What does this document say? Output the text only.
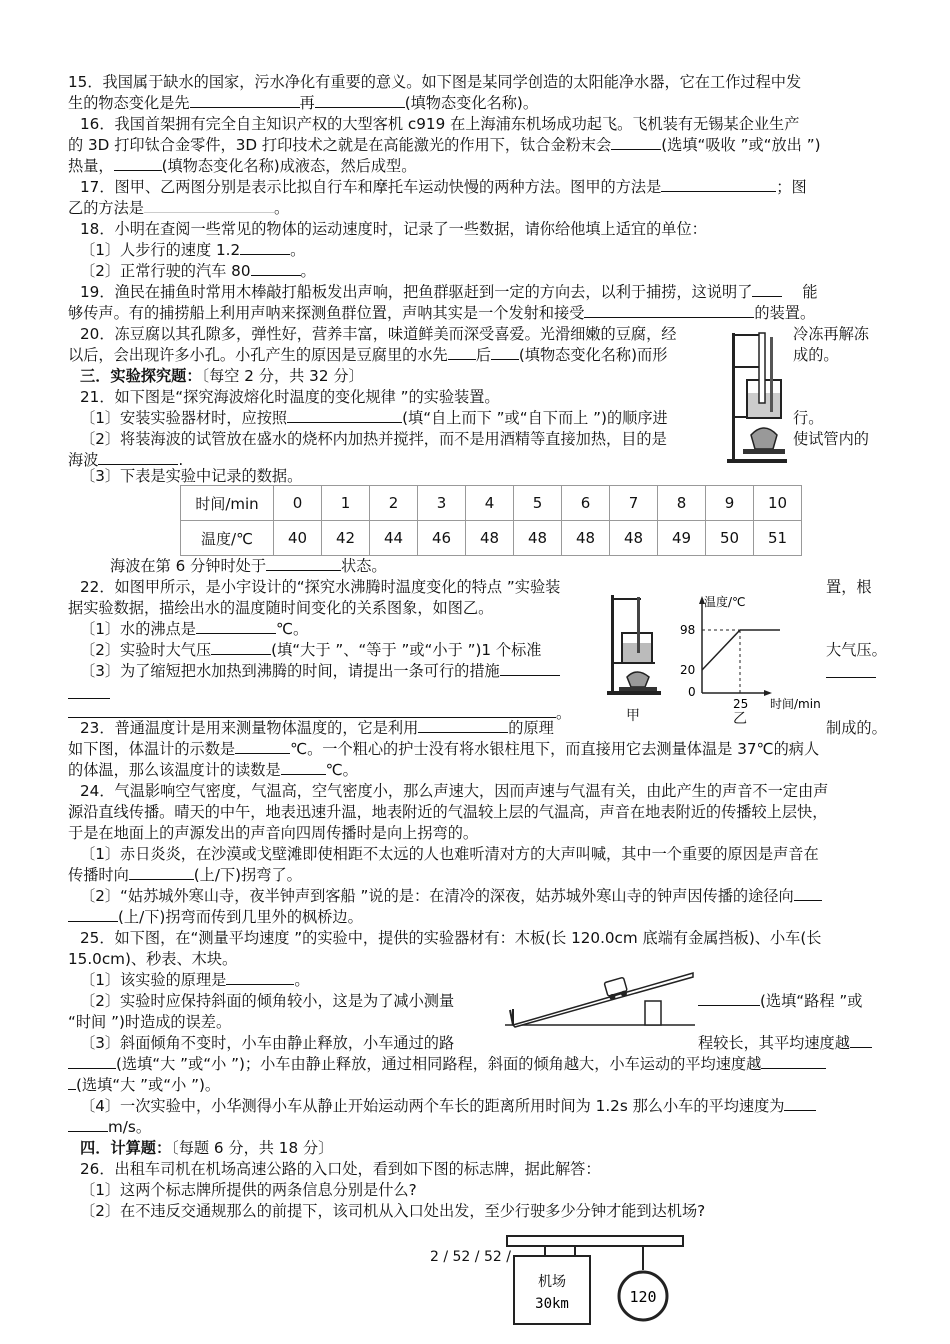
15．我国属于缺水的国家，污水净化有重要的意义。如下图是某同学创造的太阳能净水器，它在工作过程中发
生的物态变化是先	再	(填物态变化名称)。
16．我国首架拥有完全自主知识产权的大型客机 c919 在上海浦东机场成功起飞。飞机装有无锡某企业生产
的 3D 打印钛合金零件，3D 打印技术之就是在高能激光的作用下，钛合金粉末会	(选填“吸收 ”或“放出 ”)
热量，	(填物态变化名称)成液态，然后成型。
17．图甲、乙两图分别是表示比拟自行车和摩托车运动快慢的两种方法。图甲的方法是	；图
乙的方法是	。
18．小明在查阅一些常见的物体的运动速度时，记录了一些数据，请你给他填上适宜的单位：
〔1〕人步行的速度 1.2	。
〔2〕正常行驶的汽车 80	。
19．渔民在捕鱼时常用木棒敲打船板发出声响，把鱼群驱赶到一定的方向去，以利于捕捞，这说明了	能
够传声。有的捕捞船上利用声呐来探测鱼群位置，声呐其实是一个发射和接受	的装置。
20．冻豆腐以其孔隙多，弹性好，营养丰富，味道鲜美而深受喜爱。光滑细嫩的豆腐，经	冷冻再解冻
以后，会出现许多小孔。小孔产生的原因是豆腐里的水先 后 (填物态变化名称)而形	成的。
三．实验探究题：〔每空 2 分，共 32 分〕
21．如下图是“探究海波熔化时温度的变化规律 ”的实验装置。
〔1〕安装实验器材时，应按照	(填“自上而下 ”或“自下而上 ”)的顺序进	行。
〔2〕将装海波的试管放在盛水的烧杯内加热并搅拌，而不是用酒精等直接加热，目的是	使试管内的
海波	.
〔3〕下表是实验中记录的数据。
时间/min	0	1	2	3	4	5	6	7	8	9	10
温度/℃	40	42	44	46	48	48	48	48	49	50	51
海波在第 6 分钟时处于	状态。
22．如图甲所示，是小宇设计的“探究水沸腾时温度变化的特点 ”实验装	置，根
据实验数据，描绘出水的温度随时间变化的关系图象，如图乙。
〔1〕水的沸点是	℃。
〔2〕实验时大气压	(填“大于 ”、“等于 ”或“小于 ”)1 个标准	大气压。
〔3〕为了缩短把水加热到沸腾的时间，请提出一条可行的措施
。	甲
温度/℃
98
20
0
25 时间/min
乙
23．普通温度计是用来测量物体温度的，它是利用	的原理	制成的。
如下图，体温计的示数是	℃。一个粗心的护士没有将水银柱甩下，而直接用它去测量体温是 37℃的病人
的体温，那么该温度计的读数是	℃。
24．气温影响空气密度，气温高，空气密度小，那么声速大，因而声速与气温有关，由此产生的声音不一定由声
源沿直线传播。晴天的中午，地表迅速升温，地表附近的气温较上层的气温高，声音在地表附近的传播较上层快，
于是在地面上的声源发出的声音向四周传播时是向上拐弯的。
〔1〕赤日炎炎，在沙漠或戈壁滩即使相距不太远的人也难听清对方的大声叫喊，其中一个重要的原因是声音在
传播时向	(上/下)拐弯了。
〔2〕“姑苏城外寒山寺，夜半钟声到客船 ”说的是：在清冷的深夜，姑苏城外寒山寺的钟声因传播的途径向
(上/下)拐弯而传到几里外的枫桥边。
25．如下图，在“测量平均速度 ”的实验中，提供的实验器材有：木板(长 120.0cm 底端有金属挡板)、小车(长
15.0cm)、秒表、木块。
〔1〕该实验的原理是	。
〔2〕实验时应保持斜面的倾角较小，这是为了减小测量	(选填“路程 ”或
“时间 ”)时造成的误差。
〔3〕斜面倾角不变时，小车由静止释放，小车通过的路	程较长，其平均速度越
(选填“大 ”或“小 ”)；小车由静止释放，通过相同路程，斜面的倾角越大，小车运动的平均速度越
(选填“大 ”或“小 ”)。
〔4〕一次实验中，小华测得小车从静止开始运动两个车长的距离所用时间为 1.2s 那么小车的平均速度为
m/s。
四．计算题：〔每题 6 分，共 18 分〕
26．出租车司机在机场高速公路的入口处，看到如下图的标志牌，据此解答：
〔1〕这两个标志牌所提供的两条信息分别是什么?
〔2〕在不违反交通规那么的前提下，该司机从入口处出发，至少行驶多少分钟才能到达机场?
2 / 52 / 52 /
机场
30km	120
